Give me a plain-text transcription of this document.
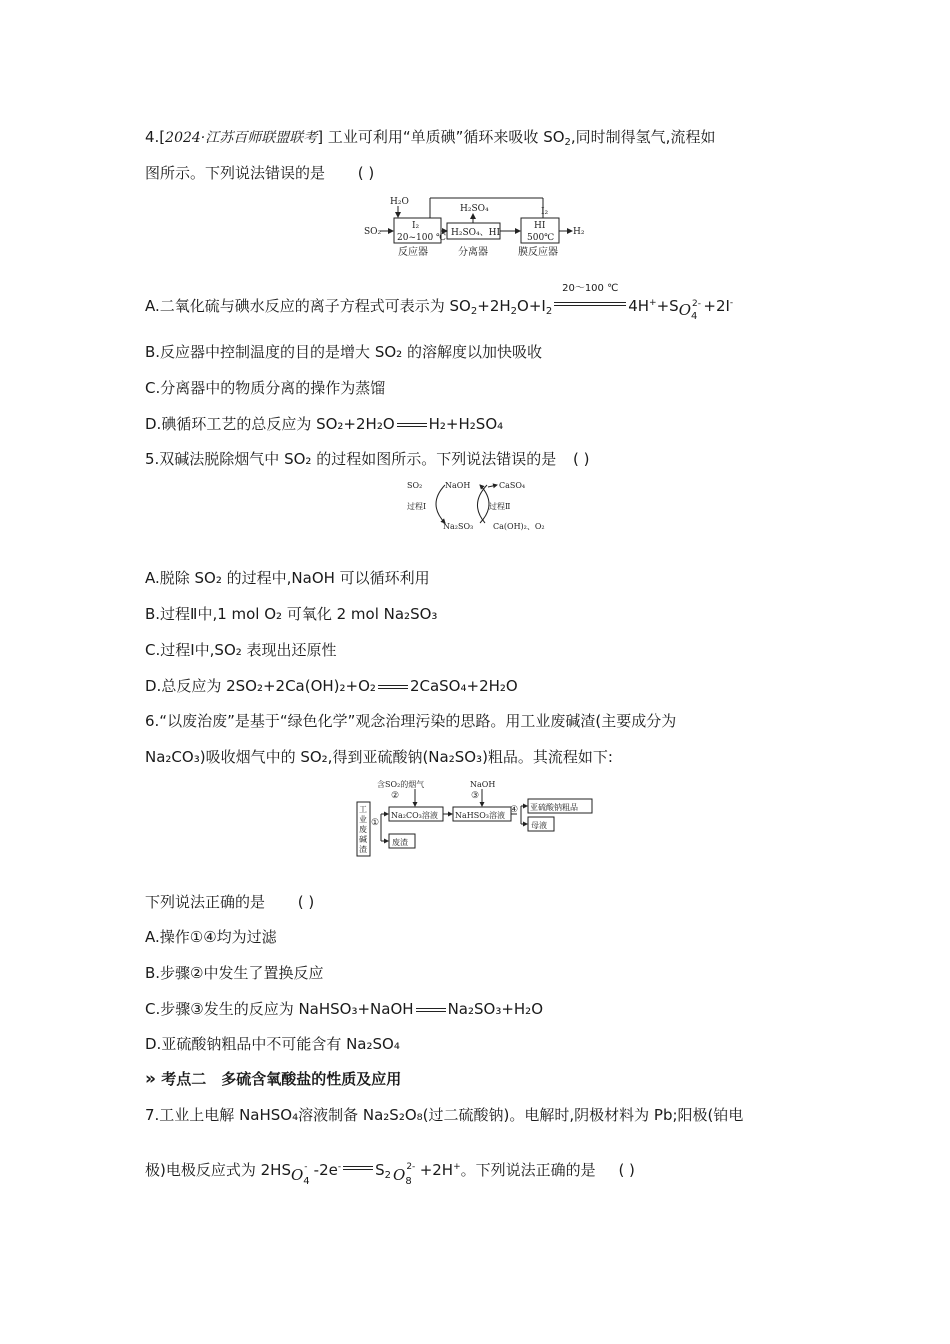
4.[2024·江苏百师联盟联考] 工业可利用“单质碘”循环来吸收 $SO_2$,同时制得氢气,流程如
图所示。下列说法错误的是 ( )
H₂O
SO₂
I₂
20~100 ℃ H₂SO₄、HI
H₂SO₄
HI
500℃
I₂
H₂
反应器	分离器	膜反应器
A.二氧化硫与碘水反应的离子方程式可表示为 $SO_2+2H_2O+I_2$
20～100 ℃
$4H^++SO_4$
2- +2I-
B.反应器中控制温度的目的是增大 SO₂ 的溶解度以加快吸收
C.分离器中的物质分离的操作为蒸馏
D.碘循环工艺的总反应为 SO₂+2H₂O H₂+H₂SO₄
5.双碱法脱除烟气中 SO₂ 的过程如图所示。下列说法错误的是 ( )
SO₂	NaOH	CaSO₄
过程Ⅰ	过程Ⅱ
Na₂SO₃ Ca(OH)₂、O₂
A.脱除 SO₂ 的过程中,NaOH 可以循环利用
B.过程Ⅱ中,1 mol O₂ 可氧化 2 mol Na₂SO₃
C.过程Ⅰ中,SO₂ 表现出还原性
D.总反应为 2SO₂+2Ca(OH)₂+O₂ 2CaSO₄+2H₂O
6.“以废治废”是基于“绿色化学”观念治理污染的思路。用工业废碱渣(主要成分为
Na₂CO₃)吸收烟气中的 SO₂,得到亚硫酸钠(Na₂SO₃)粗品。其流程如下:
工
业
废
碱
渣
①
Na₂CO₃溶液
废渣
含SO₂的烟气
②
NaHSO₃溶液
NaOH
③
④ 亚硫酸钠粗品
母液
下列说法正确的是 ( )
A.操作①④均为过滤
B.步骤②中发生了置换反应
C.步骤③发生的反应为 NaHSO₃+NaOH Na₂SO₃+H₂O
D.亚硫酸钠粗品中不可能含有 Na₂SO₄
» 考点二　多硫含氧酸盐的性质及应用
7.工业上电解 NaHSO₄溶液制备 Na₂S₂O₈(过二硫酸钠)。电解时,阴极材料为 Pb;阳极(铂电
极)电极反应式为 $2HSO_4$
- -2e- $S_2$ $O_8$
2- +2H+。下列说法正确的是 ( )
